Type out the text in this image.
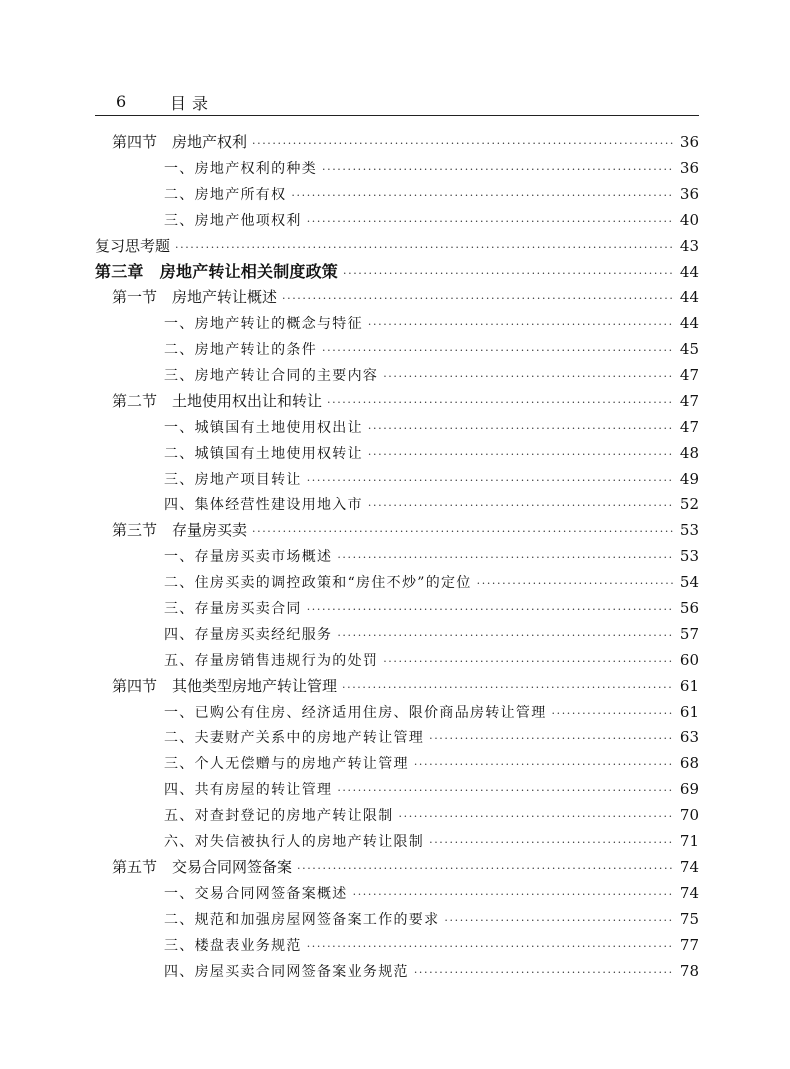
6	目录
第四节　房地产权利 ·····	36
一、房地产权利的种类 ·····	36
二、房地产所有权 ·····	36
三、房地产他项权利 ·····	40
复习思考题 ·····	43
第三章　房地产转让相关制度政策 ·····	44
第一节　房地产转让概述 ·····	44
一、房地产转让的概念与特征 ·····	44
二、房地产转让的条件 ·····	45
三、房地产转让合同的主要内容 ·····	47
第二节　土地使用权出让和转让 ·····	47
一、城镇国有土地使用权出让 ·····	47
二、城镇国有土地使用权转让 ·····	48
三、房地产项目转让 ·····	49
四、集体经营性建设用地入市 ·····	52
第三节　存量房买卖 ·····	53
一、存量房买卖市场概述 ·····	53
二、住房买卖的调控政策和“房住不炒”的定位 ·····	54
三、存量房买卖合同 ·····	56
四、存量房买卖经纪服务 ·····	57
五、存量房销售违规行为的处罚 ·····	60
第四节　其他类型房地产转让管理 ·····	61
一、已购公有住房、经济适用住房、限价商品房转让管理 ·····	61
二、夫妻财产关系中的房地产转让管理 ·····	63
三、个人无偿赠与的房地产转让管理 ·····	68
四、共有房屋的转让管理 ·····	69
五、对查封登记的房地产转让限制 ·····	70
六、对失信被执行人的房地产转让限制 ·····	71
第五节　交易合同网签备案 ·····	74
一、交易合同网签备案概述 ·····	74
二、规范和加强房屋网签备案工作的要求 ·····	75
三、楼盘表业务规范 ·····	77
四、房屋买卖合同网签备案业务规范 ·····	78
